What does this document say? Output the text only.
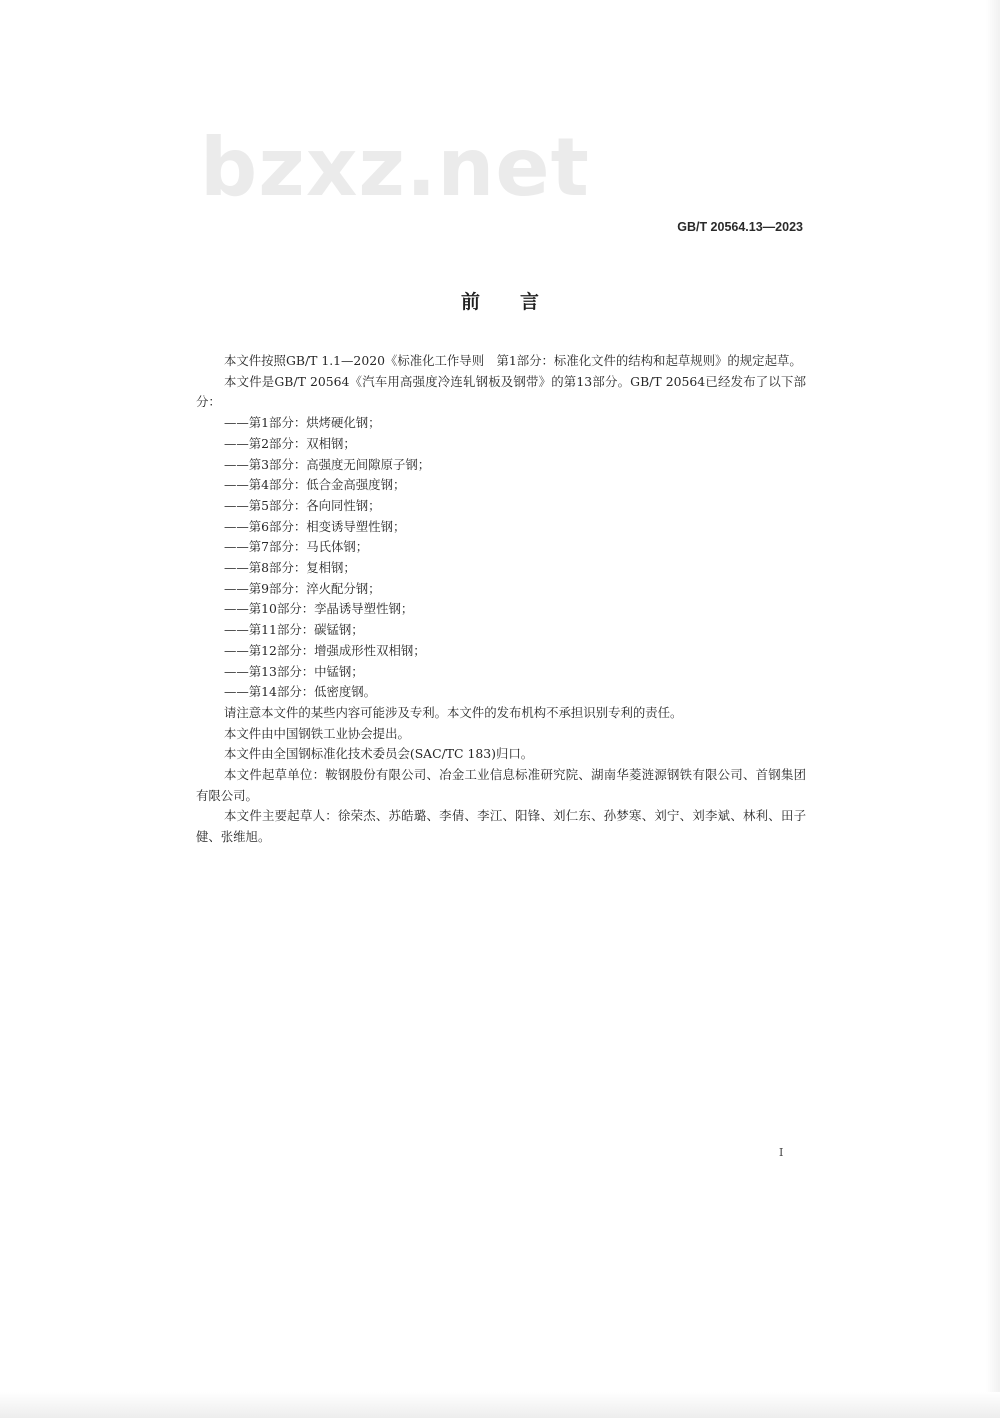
bzxz.net
GB/T 20564.13—2023
前言

本文件按照GB/T 1.1—2020《标准化工作导则　第1部分：标准化文件的结构和起草规则》的规定起草。

本文件是GB/T 20564《汽车用高强度冷连轧钢板及钢带》的第13部分。GB/T 20564已经发布了以下部分：

——第1部分：烘烤硬化钢；
——第2部分：双相钢；
——第3部分：高强度无间隙原子钢；
——第4部分：低合金高强度钢；
——第5部分：各向同性钢；
——第6部分：相变诱导塑性钢；
——第7部分：马氏体钢；
——第8部分：复相钢；
——第9部分：淬火配分钢；
——第10部分：孪晶诱导塑性钢；
——第11部分：碳锰钢；
——第12部分：增强成形性双相钢；
——第13部分：中锰钢；
——第14部分：低密度钢。

请注意本文件的某些内容可能涉及专利。本文件的发布机构不承担识别专利的责任。

本文件由中国钢铁工业协会提出。

本文件由全国钢标准化技术委员会(SAC/TC 183)归口。

本文件起草单位：鞍钢股份有限公司、冶金工业信息标准研究院、湖南华菱涟源钢铁有限公司、首钢集团有限公司。

本文件主要起草人：徐荣杰、苏皓璐、李倩、李江、阳锋、刘仁东、孙梦寒、刘宁、刘李斌、林利、田子健、张维旭。

I
